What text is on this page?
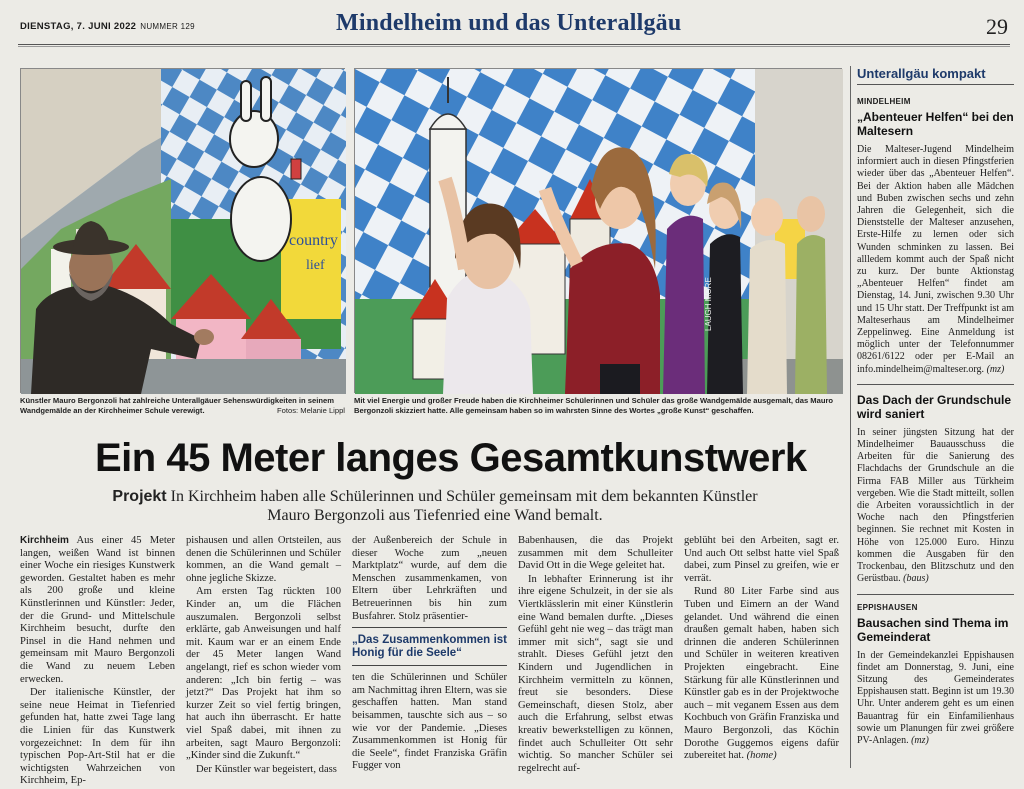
DIENSTAG, 7. JUNI 2022 NUMMER 129	Mindelheim und das Unterallgäu	29
country
lief
Künstler Mauro Bergonzoli hat zahlreiche Unterallgäuer Sehenswürdigkeiten in seinem Wandgemälde an der Kirchheimer Schule verewigt.	Fotos: Melanie Lippl
LAUGH MORE
Mit viel Energie und großer Freude haben die Kirchheimer Schülerinnen und Schüler das große Wandgemälde ausgemalt, das Mauro Bergonzoli skizziert hatte. Alle gemeinsam haben so im wahrsten Sinne des Wortes „große Kunst“ geschaffen.
Ein 45 Meter langes Gesamtkunstwerk
Projekt In Kirchheim haben alle Schülerinnen und Schüler gemeinsam mit dem bekannten Künstler Mauro Bergonzoli aus Tiefenried eine Wand bemalt.

Kirchheim Aus einer 45 Meter langen, weißen Wand ist binnen einer Woche ein riesiges Kunstwerk geworden. Gestaltet haben es mehr als 200 große und kleine Künstlerinnen und Künstler: Jeder, der die Grund- und Mittelschule Kirchheim besucht, durfte den Pinsel in die Hand nehmen und gemeinsam mit Mauro Bergonzoli die Wand zu neuem Leben erwecken.

Der italienische Künstler, der seine neue Heimat in Tiefenried gefunden hat, hatte zwei Tage lang die Linien für das Kunstwerk vorgezeichnet: In dem für ihn typischen Pop-Art-Stil hat er die wichtigsten Wahrzeichen von Kirchheim, Ep-

pishausen und allen Ortsteilen, aus denen die Schülerinnen und Schüler kommen, an die Wand gemalt – ohne jegliche Skizze.

Am ersten Tag rückten 100 Kinder an, um die Flächen auszumalen. Bergonzoli selbst erklärte, gab Anweisungen und half mit. Kaum war er an einem Ende der 45 Meter langen Wand angelangt, rief es schon wieder vom anderen: „Ich bin fertig – was jetzt?“ Das Projekt hat ihm so kurzer Zeit so viel fertig bringen, hat auch ihn überrascht. Er hatte viel Spaß dabei, mit ihnen zu arbeiten, sagt Mauro Bergonzoli: „Kinder sind die Zukunft.“

Der Künstler war begeistert, dass

der Außenbereich der Schule in dieser Woche zum „neuen Marktplatz“ wurde, auf dem die Menschen zusammenkamen, von Eltern über Lehrkräften und Betreuerinnen bis hin zum Busfahrer. Stolz präsentier-

„Das Zusammenkommen ist Honig für die Seele“

ten die Schülerinnen und Schüler am Nachmittag ihren Eltern, was sie geschaffen hatten. Man stand beisammen, tauschte sich aus – so wie vor der Pandemie. „Dieses Zusammenkommen ist Honig für die Seele“, findet Franziska Gräfin Fugger von

Babenhausen, die das Projekt zusammen mit dem Schulleiter David Ott in die Wege geleitet hat.

In lebhafter Erinnerung ist ihr ihre eigene Schulzeit, in der sie als Viertklässlerin mit einer Künstlerin eine Wand bemalen durfte. „Dieses Gefühl geht nie weg – das trägt man immer mit sich“, sagt sie und strahlt. Dieses Gefühl jetzt den Kindern und Jugendlichen in Kirchheim vermitteln zu können, freut sie besonders. Diese Gemeinschaft, diesen Stolz, aber auch die Erfahrung, selbst etwas kreativ bewerkstelligen zu können, findet auch Schulleiter Ott sehr wichtig. So mancher Schüler sei regelrecht auf-

geblüht bei den Arbeiten, sagt er. Und auch Ott selbst hatte viel Spaß dabei, zum Pinsel zu greifen, wie er verrät.

Rund 80 Liter Farbe sind aus Tuben und Eimern an der Wand gelandet. Und während die einen draußen gemalt haben, haben sich drinnen die anderen Schülerinnen und Schüler in weiteren kreativen Projekten eingebracht. Eine Stärkung für alle Künstlerinnen und Künstler gab es in der Projektwoche auch – mit veganem Essen aus dem Kochbuch von Gräfin Franziska und Mauro Bergonzoli, das Köchin Dorothe Guggemos eigens dafür zubereitet hat. (home)

Unterallgäu kompakt
MINDELHEIM
„Abenteuer Helfen“ bei den Maltesern
Die Malteser-Jugend Mindelheim informiert auch in diesen Pfingstferien wieder über das „Abenteuer Helfen“. Bei der Aktion haben alle Mädchen und Buben zwischen sechs und zehn Jahren die Gelegenheit, sich die Dienststelle der Malteser anzusehen, Erste-Hilfe zu lernen oder sich Wunden schminken zu lassen. Bei allledem kommt auch der Spaß nicht zu kurz. Der bunte Aktionstag „Abenteuer Helfen“ findet am Dienstag, 14. Juni, zwischen 9.30 Uhr und 15 Uhr statt. Der Treffpunkt ist am Malteserhaus am Mindelheimer Zeppelinweg. Eine Anmeldung ist möglich unter der Telefonnummer 08261/6122 oder per E-Mail an info.mindelheim@malteser.org. (mz)
Das Dach der Grundschule wird saniert
In seiner jüngsten Sitzung hat der Mindelheimer Bauausschuss die Arbeiten für die Sanierung des Flachdachs der Grundschule an die Firma FAB Miller aus Türkheim vergeben. Wie die Stadt mitteilt, sollen die Arbeiten voraussichtlich in der Woche nach den Pfingstferien beginnen. Sie rechnet mit Kosten in Höhe von 125.000 Euro. Hinzu kommen die Ausgaben für den Trockenbau, den Blitzschutz und den Gerüstbau. (baus)
EPPISHAUSEN
Bausachen sind Thema im Gemeinderat
In der Gemeindekanzlei Eppishausen findet am Donnerstag, 9. Juni, eine Sitzung des Gemeinderates Eppishausen statt. Beginn ist um 19.30 Uhr. Unter anderem geht es um einen Bauantrag für ein Einfamilienhaus sowie um Planungen für zwei größere PV-Anlagen. (mz)
